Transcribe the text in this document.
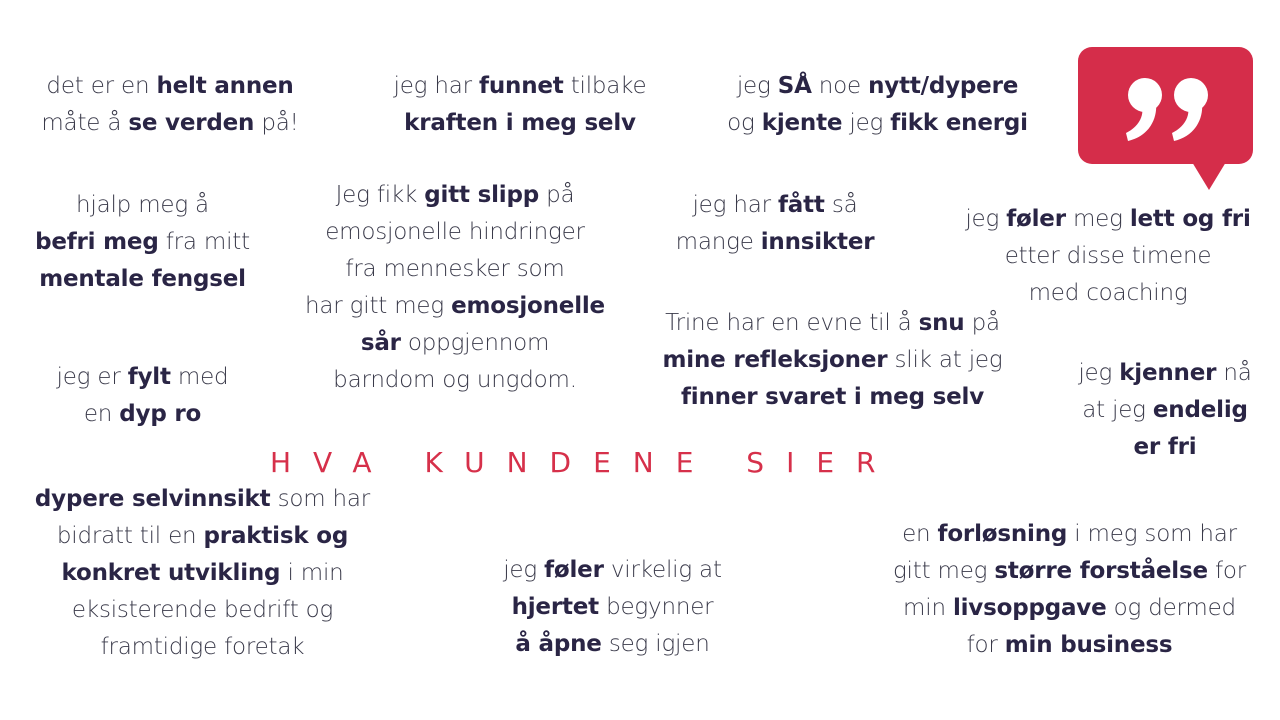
HVA KUNDENE SIER
det er en helt annen
måte å se verden på!
jeg har funnet tilbake
kraften i meg selv
jeg SÅ noe nytt/dypere
og kjente jeg fikk energi
hjalp meg å
befri meg fra mitt
mentale fengsel
Jeg fikk gitt slipp på
emosjonelle hindringer
fra mennesker som
har gitt meg emosjonelle
sår oppgjennom
barndom og ungdom.
jeg har fått så
mange innsikter
jeg føler meg lett og fri
etter disse timene
med coaching
Trine har en evne til å snu på
mine refleksjoner slik at jeg
finner svaret i meg selv
jeg er fylt med
en dyp ro
jeg kjenner nå
at jeg endelig
er fri
dypere selvinnsikt som har
bidratt til en praktisk og
konkret utvikling i min
eksisterende bedrift og
framtidige foretak
jeg føler virkelig at
hjertet begynner
å åpne seg igjen
en forløsning i meg som har
gitt meg større forståelse for
min livsoppgave og dermed
for min business
